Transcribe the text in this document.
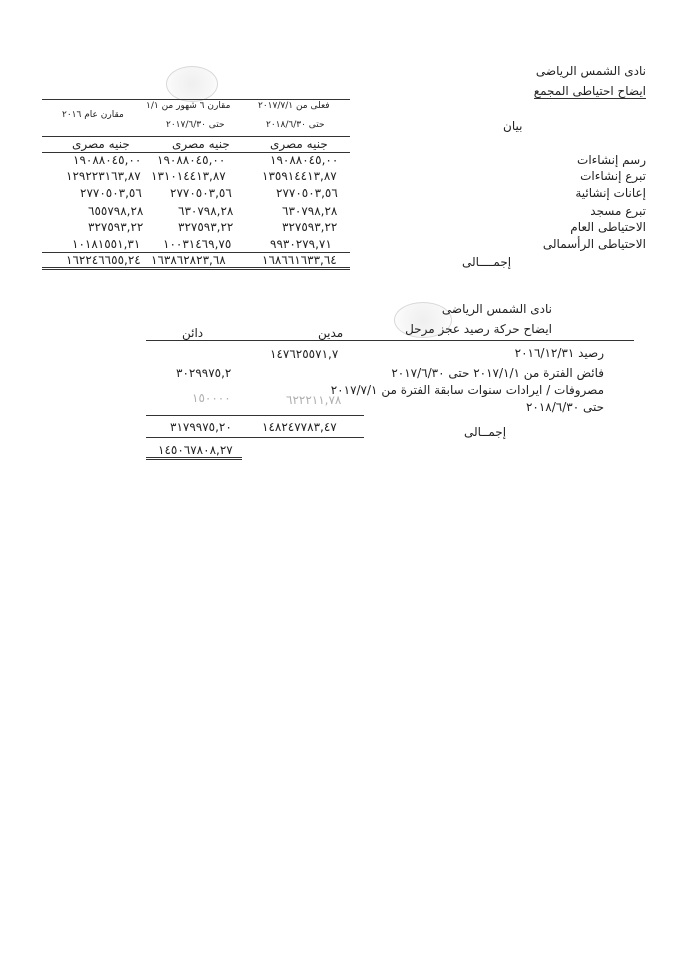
نادى الشمس الرياضى
ايضاح احتياطى المجمع
فعلى من ٢٠١٧/٧/١
مقارن ٦ شهور من ١/١
مقارن عام ٢٠١٦
حتى ٢٠١٨/٦/٣٠
حتى ٢٠١٧/٦/٣٠	بيان
جنيه مصرى
جنيه مصرى
جنيه مصرى
رسم إنشاءات
١٩٠٨٨٠٤٥,٠٠
١٩٠٨٨٠٤٥,٠٠
١٩٠٨٨٠٤٥,٠٠
تبرع إنشاءات
١٣٥٩١٤٤١٣,٨٧
١٣١٠١٤٤١٣,٨٧
١٢٩٢٢٣١٦٣,٨٧
إعانات إنشائية
٢٧٧٠٥٠٣,٥٦
٢٧٧٠٥٠٣,٥٦
٢٧٧٠٥٠٣,٥٦
تبرع مسجد
٦٣٠٧٩٨,٢٨
٦٣٠٧٩٨,٢٨
٦٥٥٧٩٨,٢٨
الاحتياطى العام
٣٢٧٥٩٣,٢٢
٣٢٧٥٩٣,٢٢
٣٢٧٥٩٣,٢٢
الاحتياطى الرأسمالى
٩٩٣٠٢٧٩,٧١
١٠٠٣١٤٦٩,٧٥
١٠١٨١٥٥١,٣١
إجمــــالى
١٦٨٦٦١٦٣٣,٦٤
١٦٣٨٦٢٨٢٣,٦٨
١٦٢٢٤٦٦٥٥,٢٤
نادى الشمس الرياضى
ايضاح حركة رصيد عجز مرحل
مدين
دائن
رصيد ٢٠١٦/١٢/٣١
١٤٧٦٢٥٥٧١,٧
فائض الفترة من ٢٠١٧/١/١ حتى ٢٠١٧/٦/٣٠
٣٠٢٩٩٧٥,٢
مصروفات / ايرادات سنوات سابقة الفترة من ٢٠١٧/٧/١
حتى ٢٠١٨/٦/٣٠
٦٢٢٢١١,٧٨
١٥٠٠٠٠
إجمــالى
١٤٨٢٤٧٧٨٣,٤٧
٣١٧٩٩٧٥,٢٠
١٤٥٠٦٧٨٠٨,٢٧
